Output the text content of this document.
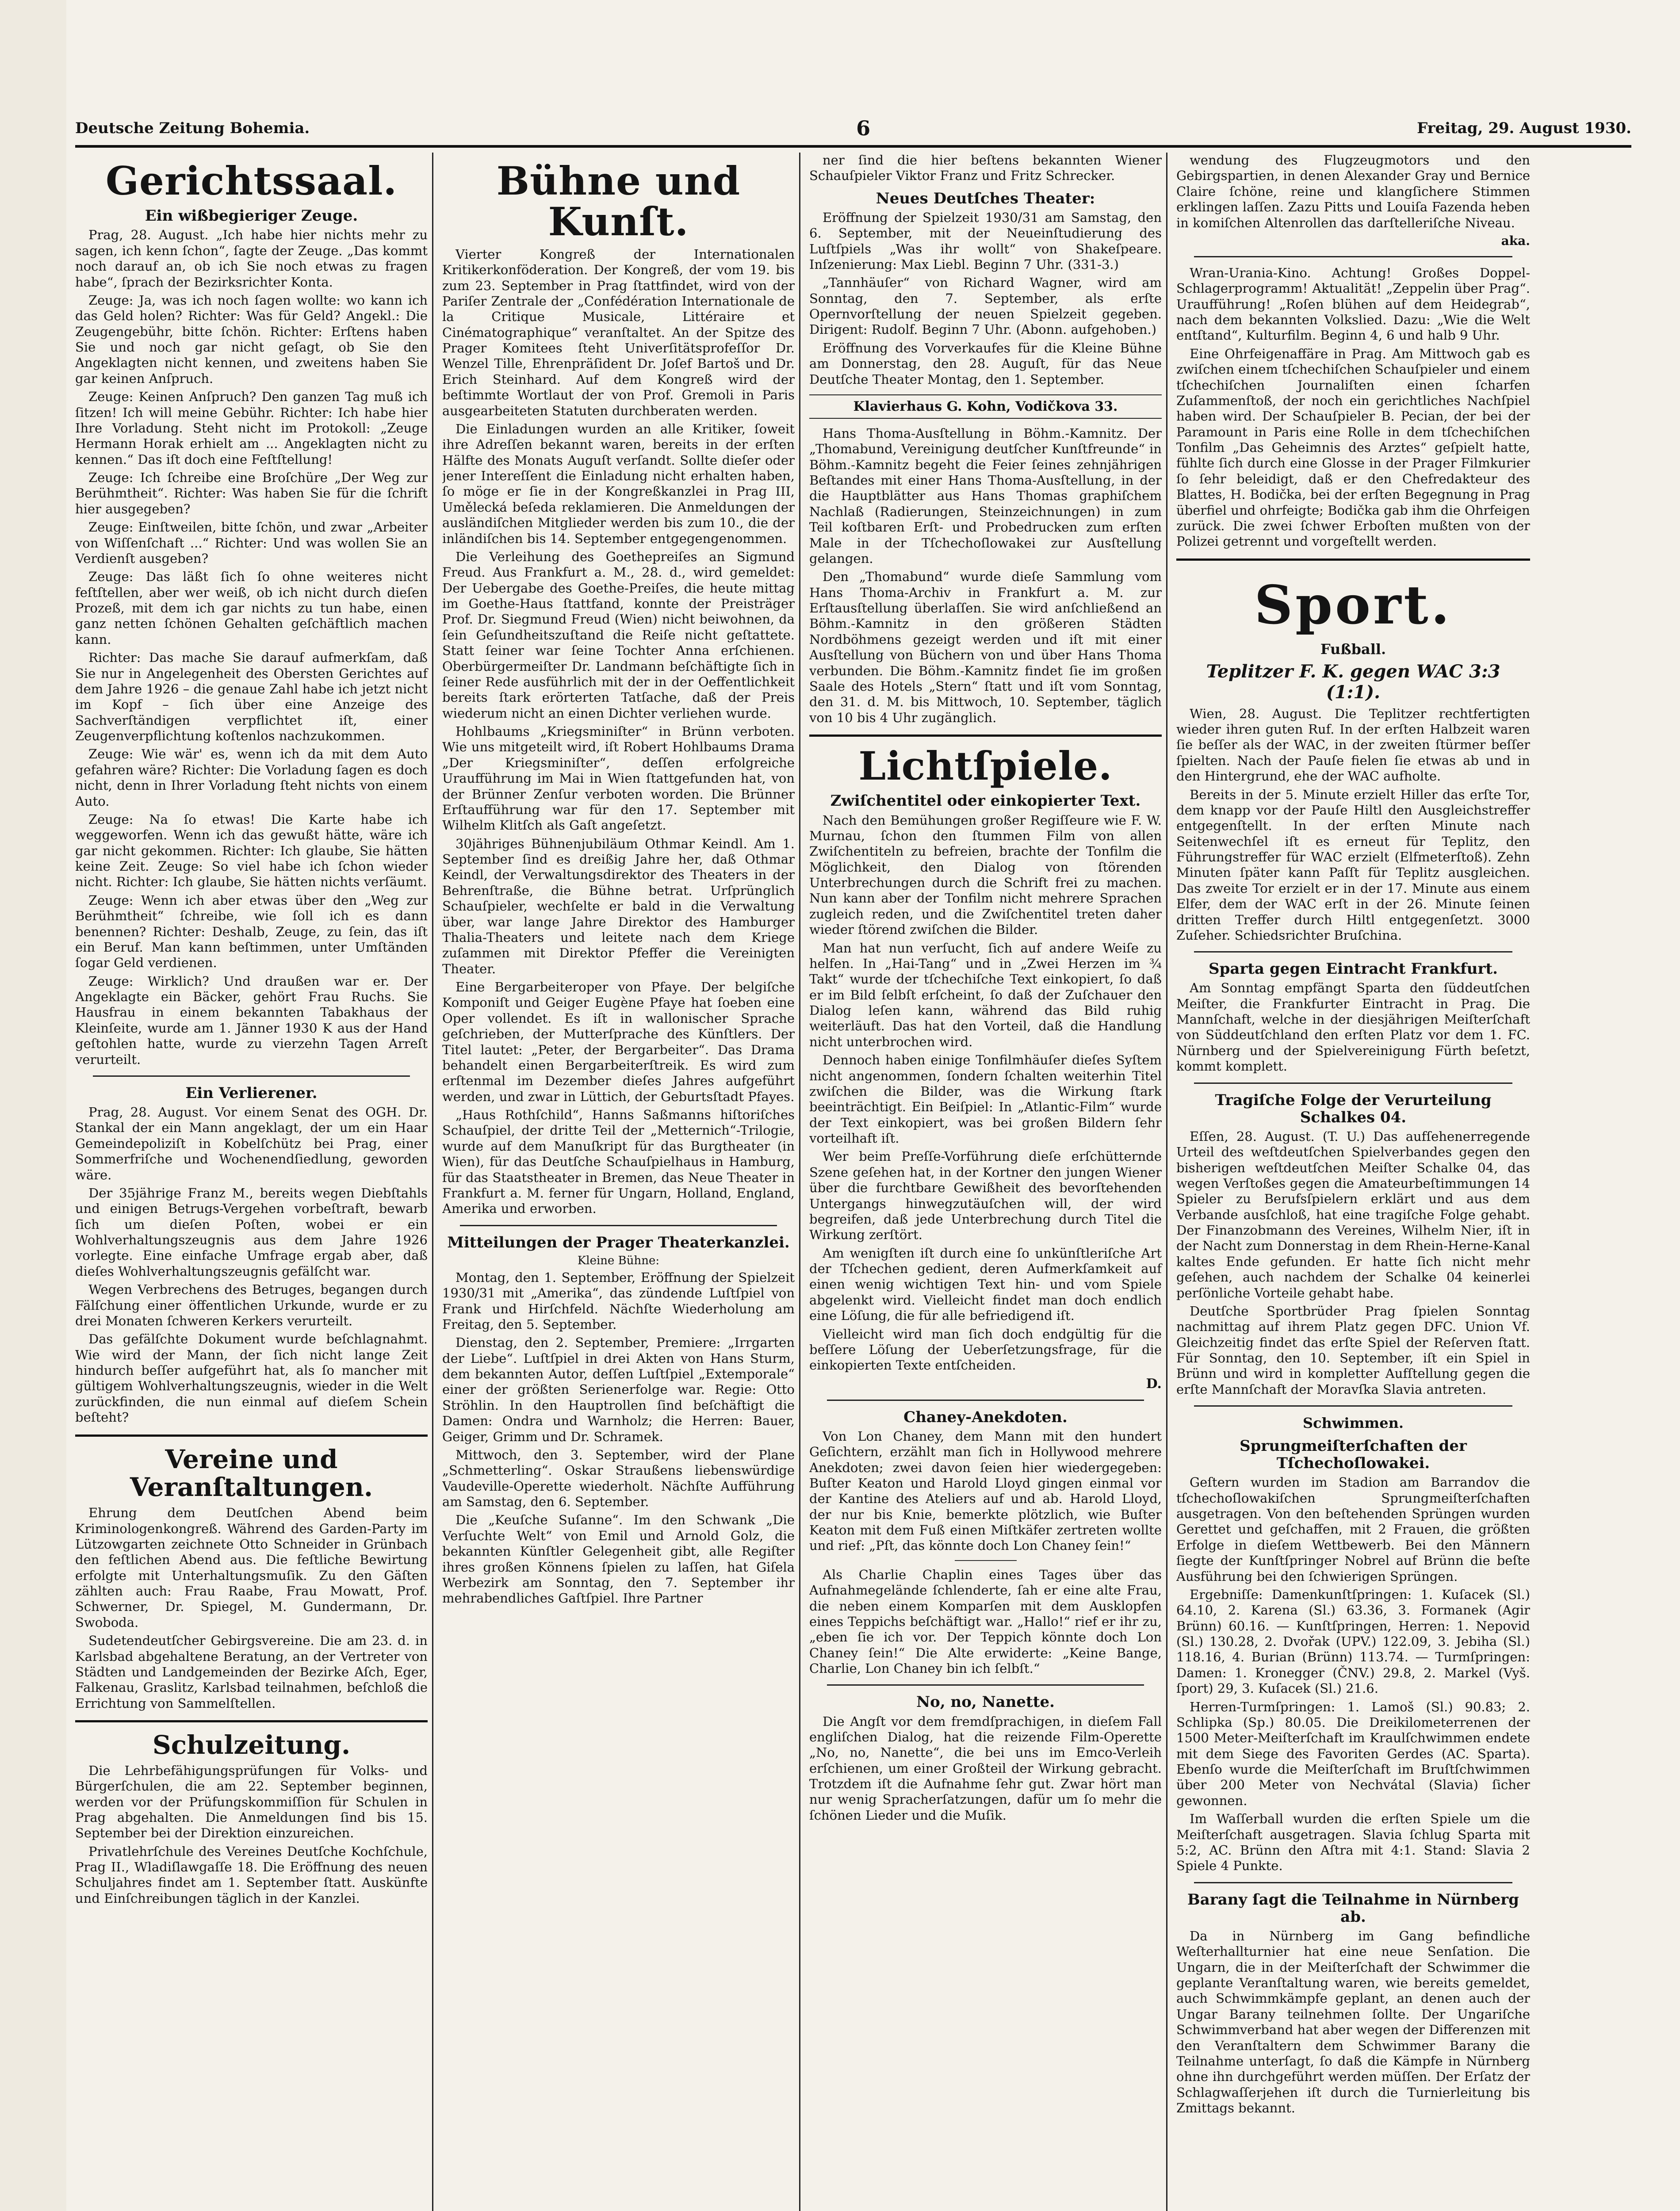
Deutsche Zeitung Bohemia.	6	Freitag, 29. August 1930.
Gerichtssaal.
Ein wißbegieriger Zeuge.

Prag, 28. August. „Ich habe hier nichts mehr zu sagen, ich kenn ſchon“, ſagte der Zeuge. „Das kommt noch darauf an, ob ich Sie noch etwas zu fragen habe“, ſprach der Bezirksrichter Konta.

Zeuge: Ja, was ich noch ſagen wollte: wo kann ich das Geld holen? Richter: Was für Geld? Angekl.: Die Zeugengebühr, bitte ſchön. Richter: Erſtens haben Sie und noch gar nicht geſagt, ob Sie den Angeklagten nicht kennen, und zweitens haben Sie gar keinen Anſpruch.

Zeuge: Keinen Anſpruch? Den ganzen Tag muß ich ſitzen! Ich will meine Gebühr. Richter: Ich habe hier Ihre Vorladung. Steht nicht im Protokoll: „Zeuge Hermann Horak erhielt am ... Angeklagten nicht zu kennen.“ Das iſt doch eine Feſtſtellung!

Zeuge: Ich ſchreibe eine Broſchüre „Der Weg zur Berühmtheit“. Richter: Was haben Sie für die ſchrift hier ausgegeben?

Zeuge: Einſtweilen, bitte ſchön, und zwar „Arbeiter von Wiſſenſchaft ...“ Richter: Und was wollen Sie an Verdienſt ausgeben?

Zeuge: Das läßt ſich ſo ohne weiteres nicht feſtſtellen, aber wer weiß, ob ich nicht durch dieſen Prozeß, mit dem ich gar nichts zu tun habe, einen ganz netten ſchönen Gehalten geſchäftlich machen kann.

Richter: Das mache Sie darauf aufmerkſam, daß Sie nur in Angelegenheit des Obersten Gerichtes auf dem Jahre 1926 – die genaue Zahl habe ich jetzt nicht im Kopf – ſich über eine Anzeige des Sachverſtändigen verpflichtet iſt, einer Zeugenverpflichtung koſtenlos nachzukommen.

Zeuge: Wie wär' es, wenn ich da mit dem Auto gefahren wäre? Richter: Die Vorladung ſagen es doch nicht, denn in Ihrer Vorladung ſteht nichts von einem Auto.

Zeuge: Na ſo etwas! Die Karte habe ich weggeworfen. Wenn ich das gewußt hätte, wäre ich gar nicht gekommen. Richter: Ich glaube, Sie hätten keine Zeit. Zeuge: So viel habe ich ſchon wieder nicht. Richter: Ich glaube, Sie hätten nichts verſäumt.

Zeuge: Wenn ich aber etwas über den „Weg zur Berühmtheit“ ſchreibe, wie ſoll ich es dann benennen? Richter: Deshalb, Zeuge, zu ſein, das iſt ein Beruf. Man kann beſtimmen, unter Umſtänden ſogar Geld verdienen.

Zeuge: Wirklich? Und draußen war er. Der Angeklagte ein Bäcker, gehört Frau Ruchs. Sie Hausfrau in einem bekannten Tabakhaus der Kleinſeite, wurde am 1. Jänner 1930 K aus der Hand geſtohlen hatte, wurde zu vierzehn Tagen Arreſt verurteilt.

Ein Verlierener.

Prag, 28. August. Vor einem Senat des OGH. Dr. Stankal der ein Mann angeklagt, der um ein Haar Gemeindepoliziſt in Kobelſchütz bei Prag, einer Sommerfriſche und Wochenendſiedlung, geworden wäre.

Der 35jährige Franz M., bereits wegen Diebſtahls und einigen Betrugs-Vergehen vorbeſtraft, bewarb ſich um dieſen Poſten, wobei er ein Wohlverhaltungszeugnis aus dem Jahre 1926 vorlegte. Eine einfache Umfrage ergab aber, daß dieſes Wohlverhaltungszeugnis gefälſcht war.

Wegen Verbrechens des Betruges, begangen durch Fälſchung einer öffentlichen Urkunde, wurde er zu drei Monaten ſchweren Kerkers verurteilt.

Das gefälſchte Dokument wurde beſchlagnahmt. Wie wird der Mann, der ſich nicht lange Zeit hindurch beſſer aufgeführt hat, als ſo mancher mit gültigem Wohlverhaltungszeugnis, wieder in die Welt zurückfinden, die nun einmal auf dieſem Schein beſteht?

Vereine und Veranſtaltungen.

Ehrung dem Deutſchen Abend beim Kriminologenkongreß. Während des Garden-Party im Lützowgarten zeichnete Otto Schneider in Grünbach den feſtlichen Abend aus. Die feſtliche Bewirtung erfolgte mit Unterhaltungsmuſik. Zu den Gäſten zählten auch: Frau Raabe, Frau Mowatt, Prof. Schwerner, Dr. Spiegel, M. Gundermann, Dr. Swoboda.

Sudetendeutſcher Gebirgsvereine. Die am 23. d. in Karlsbad abgehaltene Beratung, an der Vertreter von Städten und Landgemeinden der Bezirke Aſch, Eger, Falkenau, Graslitz, Karlsbad teilnahmen, beſchloß die Errichtung von Sammelſtellen.

Schulzeitung.

Die Lehrbefähigungsprüfungen für Volks- und Bürgerſchulen, die am 22. September beginnen, werden vor der Prüfungskommiſſion für Schulen in Prag abgehalten. Die Anmeldungen ſind bis 15. September bei der Direktion einzureichen.

Privatlehrſchule des Vereines Deutſche Kochſchule, Prag II., Wladiſlawgaſſe 18. Die Eröffnung des neuen Schuljahres findet am 1. September ſtatt. Auskünfte und Einſchreibungen täglich in der Kanzlei.

Bühne und Kunſt.

Vierter Kongreß der Internationalen Kritikerkonföderation. Der Kongreß, der vom 19. bis zum 23. September in Prag ſtattfindet, wird von der Pariſer Zentrale der „Confédération Internationale de la Critique Musicale, Littéraire et Cinématographique“ veranſtaltet. An der Spitze des Prager Komitees ſteht Univerſitätsprofeſſor Dr. Wenzel Tille, Ehrenpräſident Dr. Joſef Bartoš und Dr. Erich Steinhard. Auf dem Kongreß wird der beſtimmte Wortlaut der von Prof. Gremoli in Paris ausgearbeiteten Statuten durchberaten werden.

Die Einladungen wurden an alle Kritiker, ſoweit ihre Adreſſen bekannt waren, bereits in der erſten Hälfte des Monats Auguſt verſandt. Sollte dieſer oder jener Intereſſent die Einladung nicht erhalten haben, ſo möge er ſie in der Kongreßkanzlei in Prag III, Umělecká beſeda reklamieren. Die Anmeldungen der ausländiſchen Mitglieder werden bis zum 10., die der inländiſchen bis 14. September entgegengenommen.

Die Verleihung des Goethepreiſes an Sigmund Freud. Aus Frankfurt a. M., 28. d., wird gemeldet: Der Uebergabe des Goethe-Preiſes, die heute mittag im Goethe-Haus ſtattfand, konnte der Preisträger Prof. Dr. Siegmund Freud (Wien) nicht beiwohnen, da ſein Geſundheitszuſtand die Reiſe nicht geſtattete. Statt ſeiner war ſeine Tochter Anna erſchienen. Oberbürgermeiſter Dr. Landmann beſchäftigte ſich in ſeiner Rede ausführlich mit der in der Oeffentlichkeit bereits ſtark erörterten Tatſache, daß der Preis wiederum nicht an einen Dichter verliehen wurde.

Hohlbaums „Kriegsminiſter“ in Brünn verboten. Wie uns mitgeteilt wird, iſt Robert Hohlbaums Drama „Der Kriegsminiſter“, deſſen erfolgreiche Uraufführung im Mai in Wien ſtattgefunden hat, von der Brünner Zenſur verboten worden. Die Brünner Erſtaufführung war für den 17. September mit Wilhelm Klitſch als Gaſt angeſetzt.

30jähriges Bühnenjubiläum Othmar Keindl. Am 1. September ſind es dreißig Jahre her, daß Othmar Keindl, der Verwaltungsdirektor des Theaters in der Behrenſtraße, die Bühne betrat. Urſprünglich Schauſpieler, wechſelte er bald in die Verwaltung über, war lange Jahre Direktor des Hamburger Thalia-Theaters und leitete nach dem Kriege zuſammen mit Direktor Pfeffer die Vereinigten Theater.

Eine Bergarbeiteroper von Pfaye. Der belgiſche Komponiſt und Geiger Eugène Pfaye hat ſoeben eine Oper vollendet. Es iſt in wallonischer Sprache geſchrieben, der Mutterſprache des Künſtlers. Der Titel lautet: „Peter, der Bergarbeiter“. Das Drama behandelt einen Bergarbeiterſtreik. Es wird zum erſtenmal im Dezember dieſes Jahres aufgeführt werden, und zwar in Lüttich, der Geburtsſtadt Pfayes.

„Haus Rothſchild“, Hanns Saßmanns hiſtoriſches Schauſpiel, der dritte Teil der „Metternich“-Trilogie, wurde auf dem Manuſkript für das Burgtheater (in Wien), für das Deutſche Schauſpielhaus in Hamburg, für das Staatstheater in Bremen, das Neue Theater in Frankfurt a. M. ferner für Ungarn, Holland, England, Amerika und erworben.

Mitteilungen der Prager Theaterkanzlei.
Kleine Bühne:

Montag, den 1. September, Eröffnung der Spielzeit 1930/31 mit „Amerika“, das zündende Luſtſpiel von Frank und Hirſchfeld. Nächſte Wiederholung am Freitag, den 5. September.

Dienstag, den 2. September, Premiere: „Irrgarten der Liebe“. Luſtſpiel in drei Akten von Hans Sturm, dem bekannten Autor, deſſen Luſtſpiel „Extemporale“ einer der größten Serienerfolge war. Regie: Otto Ströhlin. In den Hauptrollen ſind beſchäftigt die Damen: Ondra und Warnholz; die Herren: Bauer, Geiger, Grimm und Dr. Schramek.

Mittwoch, den 3. September, wird der Plane „Schmetterling“. Oskar Straußens liebenswürdige Vaudeville-Operette wiederholt. Nächſte Aufführung am Samstag, den 6. September.

Die „Keuſche Suſanne“. Im den Schwank „Die Verſuchte Welt“ von Emil und Arnold Golz, die bekannten Künſtler Gelegenheit gibt, alle Regiſter ihres großen Könnens ſpielen zu laſſen, hat Giſela Werbezirk am Sonntag, den 7. September ihr mehrabendliches Gaſtſpiel. Ihre Partner

ner ſind die hier beſtens bekannten Wiener Schauſpieler Viktor Franz und Fritz Schrecker.

Neues Deutſches Theater:

Eröffnung der Spielzeit 1930/31 am Samstag, den 6. September, mit der Neueinſtudierung des Luſtſpiels „Was ihr wollt“ von Shakeſpeare. Inſzenierung: Max Liebl. Beginn 7 Uhr. (331-3.)

„Tannhäuſer“ von Richard Wagner, wird am Sonntag, den 7. September, als erſte Opernvorſtellung der neuen Spielzeit gegeben. Dirigent: Rudolf. Beginn 7 Uhr. (Abonn. aufgehoben.)

Eröffnung des Vorverkaufes für die Kleine Bühne am Donnerstag, den 28. Auguſt, für das Neue Deutſche Theater Montag, den 1. September.

Klavierhaus G. Kohn, Vodičkova 33.

Hans Thoma-Ausſtellung in Böhm.-Kamnitz. Der „Thomabund, Vereinigung deutſcher Kunſtfreunde“ in Böhm.-Kamnitz begeht die Feier ſeines zehnjährigen Beſtandes mit einer Hans Thoma-Ausſtellung, in der die Hauptblätter aus Hans Thomas graphiſchem Nachlaß (Radierungen, Steinzeichnungen) in zum Teil koſtbaren Erſt- und Probedrucken zum erſten Male in der Tſchechoſlowakei zur Ausſtellung gelangen.

Den „Thomabund“ wurde dieſe Sammlung vom Hans Thoma-Archiv in Frankfurt a. M. zur Erſtausſtellung überlaſſen. Sie wird anſchließend an Böhm.-Kamnitz in den größeren Städten Nordböhmens gezeigt werden und iſt mit einer Ausſtellung von Büchern von und über Hans Thoma verbunden. Die Böhm.-Kamnitz findet ſie im großen Saale des Hotels „Stern“ ſtatt und iſt vom Sonntag, den 31. d. M. bis Mittwoch, 10. September, täglich von 10 bis 4 Uhr zugänglich.

Lichtſpiele.
Zwiſchentitel oder einkopierter Text.

Nach den Bemühungen großer Regiſſeure wie F. W. Murnau, ſchon den ſtummen Film von allen Zwiſchentiteln zu befreien, brachte der Tonfilm die Möglichkeit, den Dialog von ſtörenden Unterbrechungen durch die Schrift frei zu machen. Nun kann aber der Tonfilm nicht mehrere Sprachen zugleich reden, und die Zwiſchentitel treten daher wieder ſtörend zwiſchen die Bilder.

Man hat nun verſucht, ſich auf andere Weiſe zu helfen. In „Hai-Tang“ und in „Zwei Herzen im ¾ Takt“ wurde der tſchechiſche Text einkopiert, ſo daß er im Bild ſelbſt erſcheint, ſo daß der Zuſchauer den Dialog leſen kann, während das Bild ruhig weiterläuft. Das hat den Vorteil, daß die Handlung nicht unterbrochen wird.

Dennoch haben einige Tonfilmhäuſer dieſes Syſtem nicht angenommen, ſondern ſchalten weiterhin Titel zwiſchen die Bilder, was die Wirkung ſtark beeinträchtigt. Ein Beiſpiel: In „Atlantic-Film“ wurde der Text einkopiert, was bei großen Bildern ſehr vorteilhaft iſt.

Wer beim Preſſe-Vorführung dieſe erſchütternde Szene geſehen hat, in der Kortner den jungen Wiener über die furchtbare Gewißheit des bevorſtehenden Untergangs hinwegzutäuſchen will, der wird begreifen, daß jede Unterbrechung durch Titel die Wirkung zerſtört.

Am wenigſten iſt durch eine ſo unkünſtleriſche Art der Tſchechen gedient, deren Aufmerkſamkeit auf einen wenig wichtigen Text hin- und vom Spiele abgelenkt wird. Vielleicht findet man doch endlich eine Löſung, die für alle befriedigend iſt.

Vielleicht wird man ſich doch endgültig für die beſſere Löſung der Ueberſetzungsfrage, für die einkopierten Texte entſcheiden.

D.
Chaney-Anekdoten.

Von Lon Chaney, dem Mann mit den hundert Geſichtern, erzählt man ſich in Hollywood mehrere Anekdoten; zwei davon ſeien hier wiedergegeben: Buſter Keaton und Harold Lloyd gingen einmal vor der Kantine des Ateliers auf und ab. Harold Lloyd, der nur bis Knie, bemerkte plötzlich, wie Buſter Keaton mit dem Fuß einen Miſtkäfer zertreten wollte und rief: „Pſt, das könnte doch Lon Chaney ſein!“

Als Charlie Chaplin eines Tages über das Aufnahmegelände ſchlenderte, ſah er eine alte Frau, die neben einem Komparſen mit dem Ausklopfen eines Teppichs beſchäftigt war. „Hallo!“ rief er ihr zu, „eben ſie ich vor. Der Teppich könnte doch Lon Chaney ſein!“ Die Alte erwiderte: „Keine Bange, Charlie, Lon Chaney bin ich ſelbſt.“

No, no, Nanette.

Die Angſt vor dem fremdſprachigen, in dieſem Fall engliſchen Dialog, hat die reizende Film-Operette „No, no, Nanette“, die bei uns im Emco-Verleih erſchienen, um einer Großteil der Wirkung gebracht. Trotzdem iſt die Aufnahme ſehr gut. Zwar hört man nur wenig Spracherſatzungen, dafür um ſo mehr die ſchönen Lieder und die Muſik.

wendung des Flugzeugmotors und den Gebirgspartien, in denen Alexander Gray und Bernice Claire ſchöne, reine und klangſichere Stimmen erklingen laſſen. Zazu Pitts und Louiſa Fazenda heben in komiſchen Altenrollen das darſtelleriſche Niveau.

aka.

Wran-Urania-Kino. Achtung! Großes Doppel-Schlagerprogramm! Aktualität! „Zeppelin über Prag“. Uraufführung! „Roſen blühen auf dem Heidegrab“, nach dem bekannten Volkslied. Dazu: „Wie die Welt entſtand“, Kulturfilm. Beginn 4, 6 und halb 9 Uhr.

Eine Ohrfeigenaffäre in Prag. Am Mittwoch gab es zwiſchen einem tſchechiſchen Schauſpieler und einem tſchechiſchen Journaliſten einen ſcharfen Zuſammenſtoß, der noch ein gerichtliches Nachſpiel haben wird. Der Schauſpieler B. Pecian, der bei der Paramount in Paris eine Rolle in dem tſchechiſchen Tonfilm „Das Geheimnis des Arztes“ geſpielt hatte, fühlte ſich durch eine Glosse in der Prager Filmkurier ſo ſehr beleidigt, daß er den Chefredakteur des Blattes, H. Bodička, bei der erſten Begegnung in Prag überfiel und ohrfeigte; Bodička gab ihm die Ohrfeigen zurück. Die zwei ſchwer Erboſten mußten von der Polizei getrennt und vorgeſtellt werden.

Sport.
Fußball.
Teplitzer F. K. gegen WAC 3:3 (1:1).

Wien, 28. August. Die Teplitzer rechtfertigten wieder ihren guten Ruf. In der erſten Halbzeit waren ſie beſſer als der WAC, in der zweiten ſtürmer beſſer ſpielten. Nach der Pauſe fielen ſie etwas ab und in den Hintergrund, ehe der WAC aufholte.

Bereits in der 5. Minute erzielt Hiller das erſte Tor, dem knapp vor der Pauſe Hiltl den Ausgleichstreffer entgegenſtellt. In der erſten Minute nach Seitenwechſel iſt es erneut für Teplitz, den Führungstreffer für WAC erzielt (Elfmeterſtoß). Zehn Minuten ſpäter kann Paſſt für Teplitz ausgleichen. Das zweite Tor erzielt er in der 17. Minute aus einem Elfer, dem der WAC erſt in der 26. Minute ſeinen dritten Treffer durch Hiltl entgegenſetzt. 3000 Zuſeher. Schiedsrichter Bruſchina.

Sparta gegen Eintracht Frankfurt.

Am Sonntag empfängt Sparta den ſüddeutſchen Meiſter, die Frankfurter Eintracht in Prag. Die Mannſchaft, welche in der diesjährigen Meiſterſchaft von Süddeutſchland den erſten Platz vor dem 1. FC. Nürnberg und der Spielvereinigung Fürth beſetzt, kommt komplett.

Tragiſche Folge der Verurteilung Schalkes 04.

Eſſen, 28. August. (T. U.) Das aufſehenerregende Urteil des weſtdeutſchen Spielverbandes gegen den bisherigen weſtdeutſchen Meiſter Schalke 04, das wegen Verſtoßes gegen die Amateurbeſtimmungen 14 Spieler zu Berufsſpielern erklärt und aus dem Verbande ausſchloß, hat eine tragiſche Folge gehabt. Der Finanzobmann des Vereines, Wilhelm Nier, iſt in der Nacht zum Donnerstag in dem Rhein-Herne-Kanal kaltes Ende gefunden. Er hatte ſich nicht mehr geſehen, auch nachdem der Schalke 04 keinerlei perſönliche Vorteile gehabt habe.

Deutſche Sportbrüder Prag ſpielen Sonntag nachmittag auf ihrem Platz gegen DFC. Union Vf. Gleichzeitig findet das erſte Spiel der Reſerven ſtatt. Für Sonntag, den 10. September, iſt ein Spiel in Brünn und wird in kompletter Aufſtellung gegen die erſte Mannſchaft der Moravſka Slavia antreten.

Schwimmen.
Sprungmeiſterſchaften der Tſchechoſlowakei.

Geſtern wurden im Stadion am Barrandov die tſchechoſlowakiſchen Sprungmeiſterſchaften ausgetragen. Von den beſtehenden Sprüngen wurden Gerettet und geſchaffen, mit 2 Frauen, die größten Erfolge in dieſem Wettbewerb. Bei den Männern ſiegte der Kunſtſpringer Nobrel auf Brünn die beſte Ausführung bei den ſchwierigen Sprüngen.

Ergebniſſe: Damenkunſtſpringen: 1. Kuſacek (Sl.) 64.10, 2. Karena (Sl.) 63.36, 3. Formanek (Agir Brünn) 60.16. — Kunſtſpringen, Herren: 1. Nepovid (Sl.) 130.28, 2. Dvořak (UPV.) 122.09, 3. Jebiha (Sl.) 118.16, 4. Burian (Brünn) 113.74. — Turmſpringen: Damen: 1. Kronegger (ČNV.) 29.8, 2. Markel (Vyš. ſport) 29, 3. Kuſacek (Sl.) 21.6.

Herren-Turmſpringen: 1. Lamoš (Sl.) 90.83; 2. Schlipka (Sp.) 80.05. Die Dreikilometerrenen der 1500 Meter-Meiſterſchaft im Kraulſchwimmen endete mit dem Siege des Favoriten Gerdes (AC. Sparta). Ebenſo wurde die Meiſterſchaft im Bruſtſchwimmen über 200 Meter von Nechvátal (Slavia) ſicher gewonnen.

Im Waſſerball wurden die erſten Spiele um die Meiſterſchaft ausgetragen. Slavia ſchlug Sparta mit 5:2, AC. Brünn den Aſtra mit 4:1. Stand: Slavia 2 Spiele 4 Punkte.

Barany ſagt die Teilnahme in Nürnberg ab.

Da in Nürnberg im Gang befindliche Weſterhallturnier hat eine neue Senſation. Die Ungarn, die in der Meiſterſchaft der Schwimmer die geplante Veranſtaltung waren, wie bereits gemeldet, auch Schwimmkämpfe geplant, an denen auch der Ungar Barany teilnehmen ſollte. Der Ungariſche Schwimmverband hat aber wegen der Differenzen mit den Veranſtaltern dem Schwimmer Barany die Teilnahme unterſagt, ſo daß die Kämpfe in Nürnberg ohne ihn durchgeführt werden müſſen. Der Erſatz der Schlagwaſſerjehen iſt durch die Turnierleitung bis Zmittags bekannt.
